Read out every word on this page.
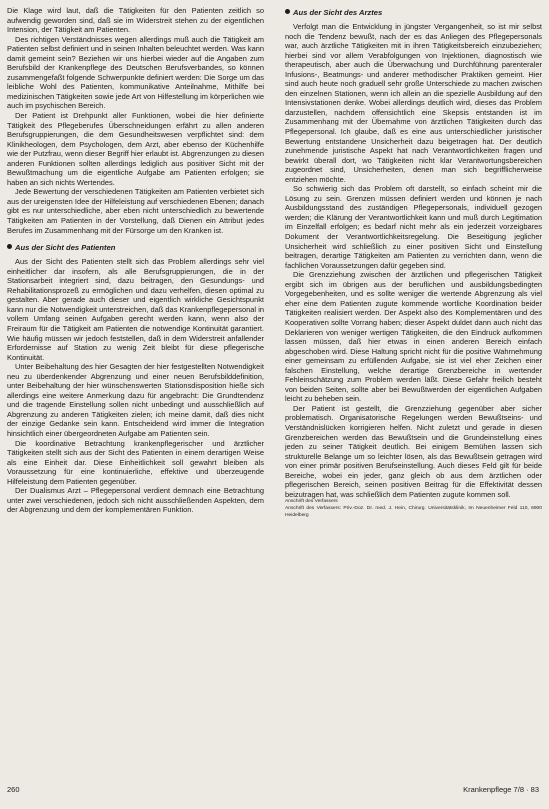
Die Klage wird laut, daß die Tätigkeiten für den Patienten zeitlich so aufwendig geworden sind, daß sie im Widerstreit stehen zu der eigentlichen Intension, der Tätigkeit am Patienten.

Des richtigen Verständnisses wegen allerdings muß auch die Tätigkeit am Patienten selbst definiert und in seinen Inhalten beleuchtet werden. Was kann damit gemeint sein? Beziehen wir uns hierbei wieder auf die Angaben zum Berufsbild der Krankenpflege des Deutschen Berufsverbandes, so können zusammengefaßt folgende Schwerpunkte definiert werden: Die Sorge um das leibliche Wohl des Patienten, kommunikative Anteilnahme, Mithilfe bei medizinischen Tätigkeiten sowie jede Art von Hilfestellung im körperlichen wie auch im psychischen Bereich.

Der Patient ist Drehpunkt aller Funktionen, wobei die hier definierte Tätigkeit des Pflegeberufes Überschneidungen erfährt zu allen anderen Berufsgruppierungen, die dem Gesundheitswesen verpflichtet sind: dem Klinikheologen, dem Psychologen, dem Arzt, aber ebenso der Küchenhilfe wie der Putzfrau, wenn dieser Begriff hier erlaubt ist. Abgrenzungen zu diesen anderen Funktionen sollten allerdings lediglich aus positiver Sicht mit der Bewußtmachung um die eigentliche Aufgabe am Patienten erfolgen; sie haben an sich nichts Wertendes.

Jede Bewertung der verschiedenen Tätigkeiten am Patienten verbietet sich aus der ureigensten Idee der Hilfeleistung auf verschiedenen Ebenen; danach gibt es nur unterschiedliche, aber eben nicht unterschiedlich zu bewertende Tätigkeiten am Patienten in der Vorstellung, daß Dienen ein Attribut jedes Berufes im Zusammenhang mit der Fürsorge um den Kranken ist.

Aus der Sicht des Patienten

Aus der Sicht des Patienten stellt sich das Problem allerdings sehr viel einheitlicher dar insofern, als alle Berufsgruppierungen, die in der Stationsarbeit integriert sind, dazu beitragen, den Gesundungs- und Rehabilitationsprozeß zu ermöglichen und dazu verhelfen, diesen optimal zu gestalten. Aber gerade auch dieser und eigentlich wirkliche Gesichtspunkt kann nur die Notwendigkeit unterstreichen, daß das Krankenpflegepersonal in vollem Umfang seinen Aufgaben gerecht werden kann, wenn also der Freiraum für die Tätigkeit am Patienten die notwendige Kontinuität garantiert. Wie häufig müssen wir jedoch feststellen, daß in dem Widerstreit anfallender Erfordernisse auf Station zu wenig Zeit bleibt für diese pflegerische Kontinuität.

Unter Beibehaltung des hier Gesagten der hier festgestellten Notwendigkeit neu zu überdenkender Abgrenzung und einer neuen Berufsbilddefinition, unter Beibehaltung der hier wünschenswerten Stationsdisposition hieße sich allerdings eine weitere Anmerkung dazu für angebracht: Die Grundtendenz und die tragende Einstellung sollen nicht unbedingt und ausschließlich auf Abgrenzung zu anderen Tätigkeiten zielen; ich meine damit, daß dies nicht der einzige Gedanke sein kann. Entscheidend wird immer die Integration hinsichtlich einer übergeordneten Aufgabe am Patienten sein.

Die koordinative Betrachtung krankenpflegerischer und ärztlicher Tätigkeiten stellt sich aus der Sicht des Patienten in einem derartigen Weise als eine Einheit dar. Diese Einheitlichkeit soll gewahrt bleiben als Voraussetzung für eine kontinuierliche, effektive und überzeugende Hilfeleistung dem Patienten gegenüber.

Der Dualismus Arzt – Pflegepersonal verdient demnach eine Betrachtung unter zwei verschiedenen, jedoch sich nicht ausschließenden Aspekten, dem der Abgrenzung und dem der komplementären Funktion.

Aus der Sicht des Arztes

Verfolgt man die Entwicklung in jüngster Vergangenheit, so ist mir selbst noch die Tendenz bewußt, nach der es das Anliegen des Pflegepersonals war, auch ärztliche Tätigkeiten mit in ihren Tätigkeitsbereich einzubeziehen; hierbei sind vor allem Verabfolgungen von Injektionen, diagnostisch wie therapeutisch, aber auch die Überwachung und Durchführung parenteraler Infusions-, Beatmungs- und anderer methodischer Praktiken gemeint. Hier sind auch heute noch graduell sehr große Unterschiede zu machen zwischen den einzelnen Stationen, wenn ich allein an die spezielle Ausbildung auf den Intensivstationen denke. Wobei allerdings deutlich wird, dieses das Problem darzustellen, nachdem offensichtlich eine Skepsis entstanden ist im Zusammenhang mit der Übernahme von ärztlichen Tätigkeiten durch das Pflegepersonal. Ich glaube, daß es eine aus unterschiedlicher juristischer Bewertung entstandene Unsicherheit dazu beigetragen hat. Der deutlich zunehmende juristische Aspekt hat nach Verantwortlichkeiten fragen und bewirkt überall dort, wo Tätigkeiten nicht klar Verantwortungsbereichen zugeordnet sind, Unsicherheiten, denen man sich begrifflicherweise entziehen möchte.

So schwierig sich das Problem oft darstellt, so einfach scheint mir die Lösung zu sein. Grenzen müssen definiert werden und können je nach Ausbildungsstand des zuständigen Pflegepersonals, individuell gezogen werden; die Klärung der Verantwortlichkeit kann und muß durch Legitimation im Einzelfall erfolgen; es bedarf nicht mehr als ein jederzeit vorzeigbares Dokument der Verantwortlichkeitsregelung. Die Beseitigung jeglicher Unsicherheit wird schließlich zu einer positiven Sicht und Einstellung beitragen, derartige Tätigkeiten am Patienten zu verrichten dann, wenn die fachlichen Voraussetzungen dafür gegeben sind.

Die Grenzziehung zwischen der ärztlichen und pflegerischen Tätigkeit ergibt sich im übrigen aus der beruflichen und ausbildungsbedingten Vorgegebenheiten, und es sollte weniger die wertende Abgrenzung als viel eher eine dem Patienten zugute kommende wortliche Koordination beider Tätigkeiten realisiert werden. Der Aspekt also des Komplementären und des Kooperativen sollte Vorrang haben; dieser Aspekt duldet dann auch nicht das Deklarieren von weniger wertigen Tätigkeiten, die den Eindruck aufkommen lassen müssen, daß hier etwas in einen anderen Bereich einfach abgeschoben wird. Diese Haltung spricht nicht für die positive Wahrnehmung einer gemeinsam zu erfüllenden Aufgabe, sie ist viel eher Zeichen einer falschen Einstellung, welche derartige Grenzbereiche in wertender Fehleinschätzung zum Problem werden läßt. Diese Gefahr freilich besteht von beiden Seiten, sollte aber bei Bewußtwerden der eigentlichen Aufgaben leicht zu beheben sein.

Der Patient ist gestellt, die Grenzziehung gegenüber aber sicher problematisch. Organisatorische Regelungen werden Bewußtseins- und Verständnislücken korrigieren helfen. Nicht zuletzt und gerade in diesen Grenzbereichen werden das Bewußtsein und die Grundeinstellung eines jeden zu seiner Tätigkeit deutlich. Bei einigem Bemühen lassen sich strukturelle Belange um so leichter lösen, als das Bewußtsein getragen wird von einer primär positiven Berufseinstellung. Auch dieses Feld gilt für beide Bereiche, wobei ein jeder, ganz gleich ob aus dem ärztlichen oder pflegerischen Bereich, seinen positiven Beitrag für die Effektivität dessen beizutragen hat, was schließlich dem Patienten zugute kommen soll.

Anschrift des Verfassers

Anschrift des Verfassers: Priv.-Doz. Dr. med. J. Hein, Chirurg. Universitätsklinik, Im Neuenheimer Feld 110, 6900 Heidelberg

260	Krankenpflege 7/8 · 83
